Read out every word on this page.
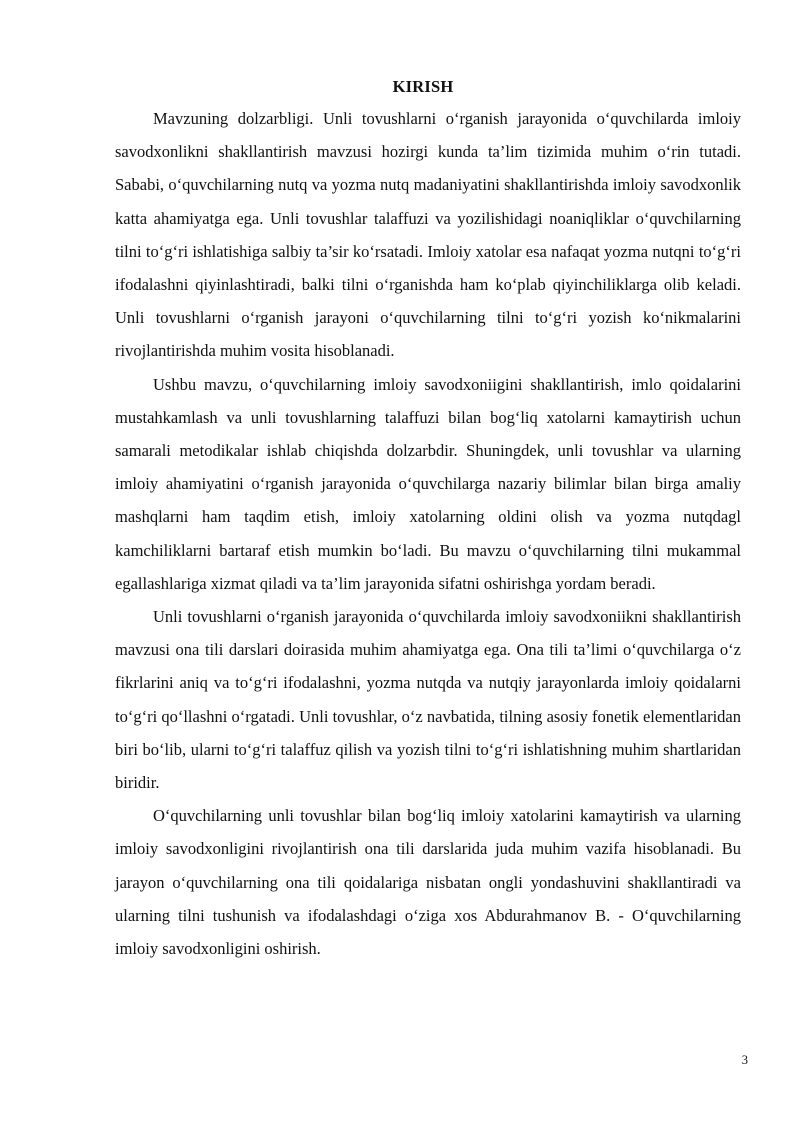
KIRISH

Mavzuning dolzarbligi. Unli tovushlarni o‘rganish jarayonida o‘quvchilarda imloiy savodxonlikni shakllantirish mavzusi hozirgi kunda ta’lim tizimida muhim o‘rin tutadi. Sababi, o‘quvchilarning nutq va yozma nutq madaniyatini shakllantirishda imloiy savodxonlik katta ahamiyatga ega. Unli tovushlar talaffuzi va yozilishidagi noaniqliklar o‘quvchilarning tilni to‘g‘ri ishlatishiga salbiy ta’sir ko‘rsatadi. Imloiy xatolar esa nafaqat yozma nutqni to‘g‘ri ifodalashni qiyinlashtiradi, balki tilni o‘rganishda ham ko‘plab qiyinchiliklarga olib keladi. Unli tovushlarni o‘rganish jarayoni o‘quvchilarning tilni to‘g‘ri yozish ko‘nikmalarini rivojlantirishda muhim vosita hisoblanadi.

Ushbu mavzu, o‘quvchilarning imloiy savodxoniigini shakllantirish, imlo qoidalarini mustahkamlash va unli tovushlarning talaffuzi bilan bog‘liq xatolarni kamaytirish uchun samarali metodikalar ishlab chiqishda dolzarbdir. Shuningdek, unli tovushlar va ularning imloiy ahamiyatini o‘rganish jarayonida o‘quvchilarga nazariy bilimlar bilan birga amaliy mashqlarni ham taqdim etish, imloiy xatolarning oldini olish va yozma nutqdagl kamchiliklarni bartaraf etish mumkin bo‘ladi. Bu mavzu o‘quvchilarning tilni mukammal egallashlariga xizmat qiladi va ta’lim jarayonida sifatni oshirishga yordam beradi.

Unli tovushlarni o‘rganish jarayonida o‘quvchilarda imloiy savodxoniikni shakllantirish mavzusi ona tili darslari doirasida muhim ahamiyatga ega. Ona tili ta’limi o‘quvchilarga o‘z fikrlarini aniq va to‘g‘ri ifodalashni, yozma nutqda va nutqiy jarayonlarda imloiy qoidalarni to‘g‘ri qo‘llashni o‘rgatadi. Unli tovushlar, o‘z navbatida, tilning asosiy fonetik elementlaridan biri bo‘lib, ularni to‘g‘ri talaffuz qilish va yozish tilni to‘g‘ri ishlatishning muhim shartlaridan biridir.

O‘quvchilarning unli tovushlar bilan bog‘liq imloiy xatolarini kamaytirish va ularning imloiy savodxonligini rivojlantirish ona tili darslarida juda muhim vazifa hisoblanadi. Bu jarayon o‘quvchilarning ona tili qoidalariga nisbatan ongli yondashuvini shakllantiradi va ularning tilni tushunish va ifodalashdagi o‘ziga xos Abdurahmanov B. - O‘quvchilarning imloiy savodxonligini oshirish.

3
